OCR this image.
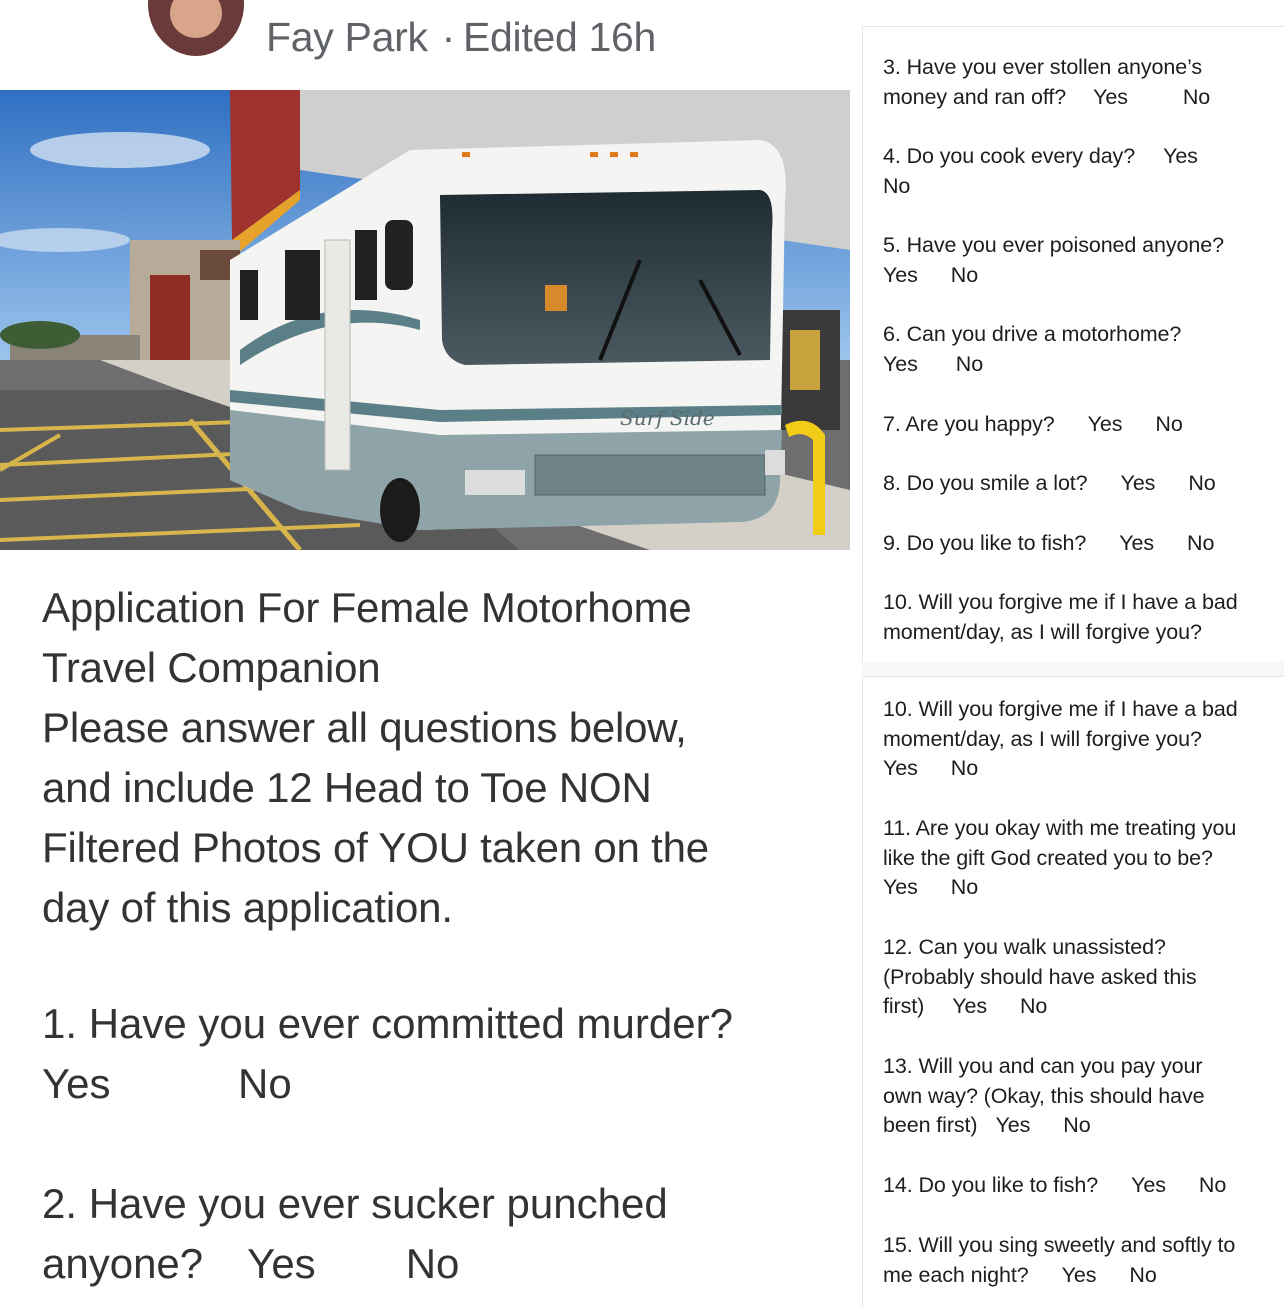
Fay Park · Edited 16h
Surf Side

Application For Female Motorhome

Travel Companion

Please answer all questions below,

and include 12 Head to Toe NON

Filtered Photos of YOU taken on the

day of this application.

1. Have you ever committed murder?
Yes	No
2. Have you ever sucker punched
anyone? Yes No
3. Have you ever stollen anyone’s
money and ran off? Yes	No
4. Do you cook every day? Yes
No
5. Have you ever poisoned anyone?
Yes No
6. Can you drive a motorhome?
Yes No
7. Are you happy? Yes No
8. Do you smile a lot? Yes No
9. Do you like to fish? Yes No
10. Will you forgive me if I have a bad
moment/day, as I will forgive you?
10. Will you forgive me if I have a bad
moment/day, as I will forgive you?
Yes No
11. Are you okay with me treating you
like the gift God created you to be?
Yes No
12. Can you walk unassisted?
(Probably should have asked this
first) Yes No
13. Will you and can you pay your
own way? (Okay, this should have
been first) Yes No
14. Do you like to fish? Yes No
15. Will you sing sweetly and softly to
me each night? Yes No
